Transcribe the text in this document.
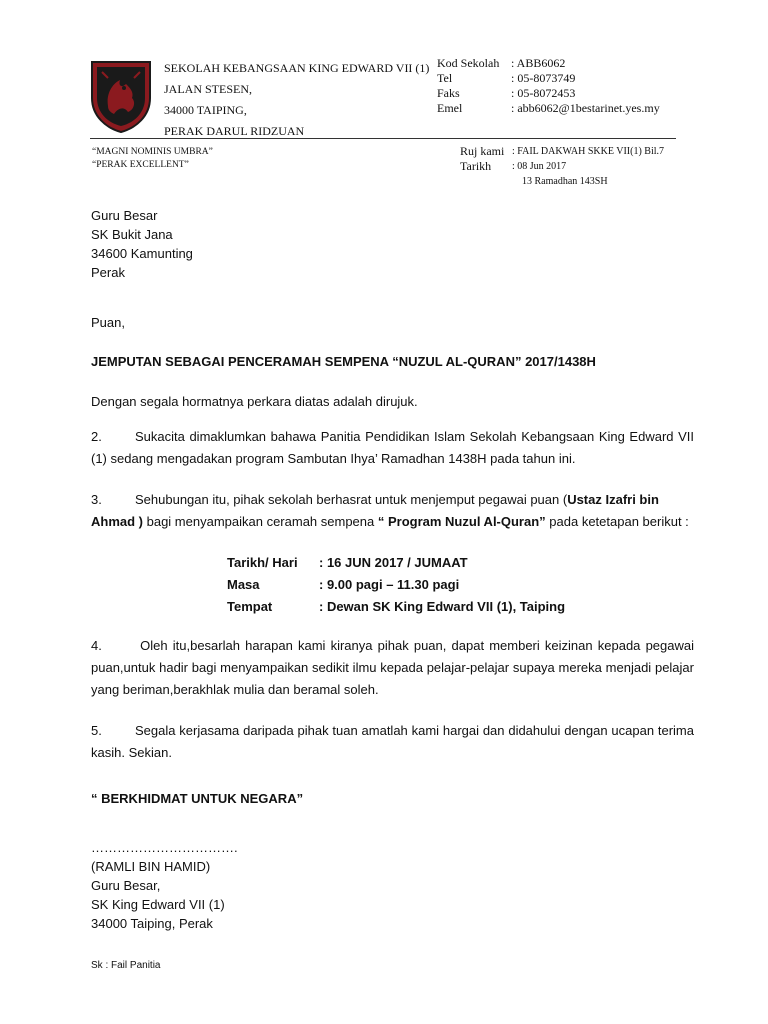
SEKOLAH KEBANGSAAN KING EDWARD VII (1)
JALAN STESEN,
34000 TAIPING,
PERAK DARUL RIDZUAN
Kod Sekolah : ABB6062
Tel	: 05-8073749
Faks	: 05-8072453
Emel	: abb6062@1bestarinet.yes.my
“MAGNI NOMINIS UMBRA”
“PERAK EXCELLENT”
Ruj kami : FAIL DAKWAH SKKE VII(1) Bil.7
Tarikh	: 08 Jun 2017
13 Ramadhan 143SH
Guru Besar
SK Bukit Jana
34600 Kamunting
Perak
Puan,
JEMPUTAN SEBAGAI PENCERAMAH SEMPENA “NUZUL AL-QURAN” 2017/1438H
Dengan segala hormatnya perkara diatas adalah dirujuk.
2.	Sukacita dimaklumkan bahawa Panitia Pendidikan Islam Sekolah Kebangsaan King Edward VII (1) sedang mengadakan program Sambutan Ihya’ Ramadhan 1438H pada tahun ini.
3.	Sehubungan itu, pihak sekolah berhasrat untuk menjemput pegawai puan (Ustaz Izafri bin Ahmad ) bagi menyampaikan ceramah sempena “ Program Nuzul Al-Quran” pada ketetapan berikut :
Tarikh/ Hari	: 16 JUN 2017 / JUMAAT
Masa	: 9.00 pagi – 11.30 pagi
Tempat	: Dewan SK King Edward VII (1), Taiping
4.	Oleh itu,besarlah harapan kami kiranya pihak puan, dapat memberi keizinan kepada pegawai puan,untuk hadir bagi menyampaikan sedikit ilmu kepada pelajar-pelajar supaya mereka menjadi pelajar yang beriman,berakhlak mulia dan beramal soleh.
5.	Segala kerjasama daripada pihak tuan amatlah kami hargai dan didahului dengan ucapan terima kasih. Sekian.
“ BERKHIDMAT UNTUK NEGARA”
…………………………….
(RAMLI BIN HAMID)
Guru Besar,
SK King Edward VII (1)
34000 Taiping, Perak
Sk : Fail Panitia
